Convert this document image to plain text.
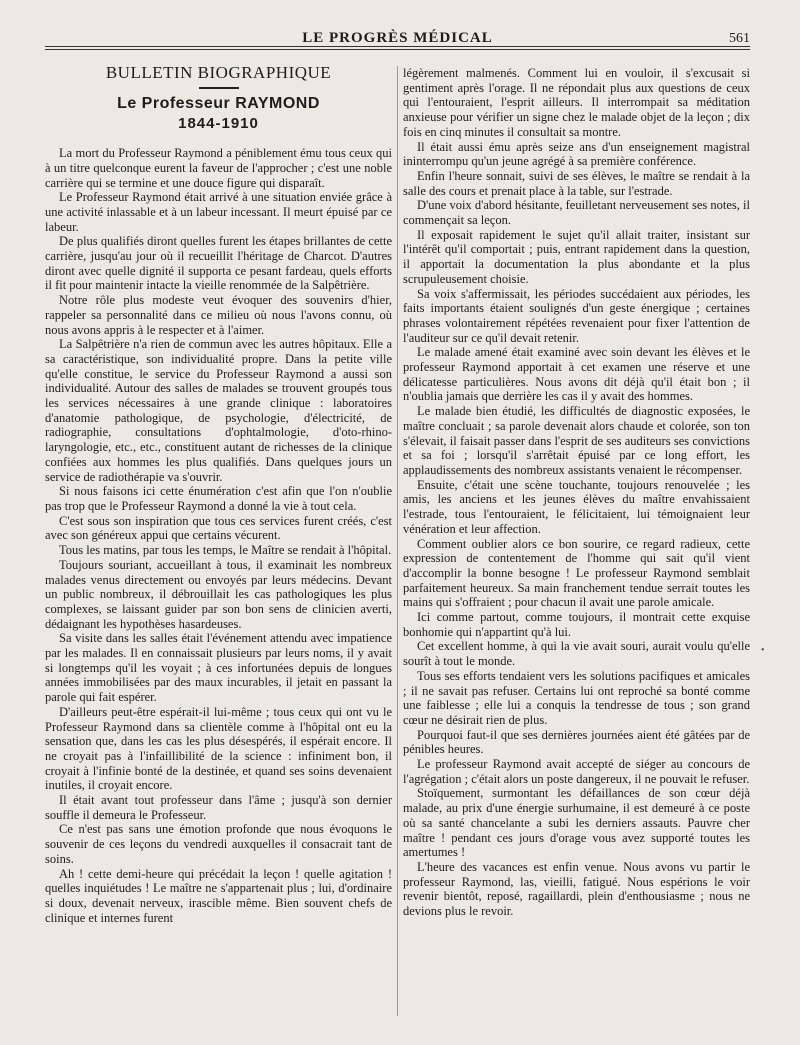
LE PROGRÈS MÉDICAL	561
BULLETIN BIOGRAPHIQUE
Le Professeur RAYMOND
1844-1910

La mort du Professeur Raymond a péniblement ému tous ceux qui à un titre quelconque eurent la faveur de l'approcher ; c'est une noble carrière qui se termine et une douce figure qui disparaît.

Le Professeur Raymond était arrivé à une situation enviée grâce à une activité inlassable et à un labeur incessant. Il meurt épuisé par ce labeur.

De plus qualifiés diront quelles furent les étapes brillantes de cette carrière, jusqu'au jour où il recueillit l'héritage de Charcot. D'autres diront avec quelle dignité il supporta ce pesant fardeau, quels efforts il fit pour maintenir intacte la vieille renommée de la Salpêtrière.

Notre rôle plus modeste veut évoquer des souvenirs d'hier, rappeler sa personnalité dans ce milieu où nous l'avons connu, où nous avons appris à le respecter et à l'aimer.

La Salpêtrière n'a rien de commun avec les autres hôpitaux. Elle a sa caractéristique, son individualité propre. Dans la petite ville qu'elle constitue, le service du Professeur Raymond a aussi son individualité. Autour des salles de malades se trouvent groupés tous les services nécessaires à une grande clinique : laboratoires d'anatomie pathologique, de psychologie, d'électricité, de radiographie, consultations d'ophtalmologie, d'oto-rhino-laryngologie, etc., etc., constituent autant de richesses de la clinique confiées aux hommes les plus qualifiés. Dans quelques jours un service de radiothérapie va s'ouvrir.

Si nous faisons ici cette énumération c'est afin que l'on n'oublie pas trop que le Professeur Raymond a donné la vie à tout cela.

C'est sous son inspiration que tous ces services furent créés, c'est avec son généreux appui que certains vécurent.

Tous les matins, par tous les temps, le Maître se rendait à l'hôpital.

Toujours souriant, accueillant à tous, il examinait les nombreux malades venus directement ou envoyés par leurs médecins. Devant un public nombreux, il débrouillait les cas pathologiques les plus complexes, se laissant guider par son bon sens de clinicien averti, dédaignant les hypothèses hasardeuses.

Sa visite dans les salles était l'événement attendu avec impatience par les malades. Il en connaissait plusieurs par leurs noms, il y avait si longtemps qu'il les voyait ; à ces infortunées depuis de longues années immobilisées par des maux incurables, il jetait en passant la parole qui fait espérer.

D'ailleurs peut-être espérait-il lui-même ; tous ceux qui ont vu le Professeur Raymond dans sa clientèle comme à l'hôpital ont eu la sensation que, dans les cas les plus désespérés, il espérait encore. Il ne croyait pas à l'infaillibilité de la science : infiniment bon, il croyait à l'infinie bonté de la destinée, et quand ses soins devenaient inutiles, il croyait encore.

Il était avant tout professeur dans l'âme ; jusqu'à son dernier souffle il demeura le Professeur.

Ce n'est pas sans une émotion profonde que nous évoquons le souvenir de ces leçons du vendredi auxquelles il consacrait tant de soins.

Ah ! cette demi-heure qui précédait la leçon ! quelle agitation ! quelles inquiétudes ! Le maître ne s'appartenait plus ; lui, d'ordinaire si doux, devenait nerveux, irascible même. Bien souvent chefs de clinique et internes furent

légèrement malmenés. Comment lui en vouloir, il s'excusait si gentiment après l'orage. Il ne répondait plus aux questions de ceux qui l'entouraient, l'esprit ailleurs. Il interrompait sa méditation anxieuse pour vérifier un signe chez le malade objet de la leçon ; dix fois en cinq minutes il consultait sa montre.

Il était aussi ému après seize ans d'un enseignement magistral ininterrompu qu'un jeune agrégé à sa première conférence.

Enfin l'heure sonnait, suivi de ses élèves, le maître se rendait à la salle des cours et prenait place à la table, sur l'estrade.

D'une voix d'abord hésitante, feuilletant nerveusement ses notes, il commençait sa leçon.

Il exposait rapidement le sujet qu'il allait traiter, insistant sur l'intérêt qu'il comportait ; puis, entrant rapidement dans la question, il apportait la documentation la plus abondante et la plus scrupuleusement choisie.

Sa voix s'affermissait, les périodes succédaient aux périodes, les faits importants étaient soulignés d'un geste énergique ; certaines phrases volontairement répétées revenaient pour fixer l'attention de l'auditeur sur ce qu'il devait retenir.

Le malade amené était examiné avec soin devant les élèves et le professeur Raymond apportait à cet examen une réserve et une délicatesse particulières. Nous avons dit déjà qu'il était bon ; il n'oublia jamais que derrière les cas il y avait des hommes.

Le malade bien étudié, les difficultés de diagnostic exposées, le maître concluait ; sa parole devenait alors chaude et colorée, son ton s'élevait, il faisait passer dans l'esprit de ses auditeurs ses convictions et sa foi ; lorsqu'il s'arrêtait épuisé par ce long effort, les applaudissements des nombreux assistants venaient le récompenser.

Ensuite, c'était une scène touchante, toujours renouvelée ; les amis, les anciens et les jeunes élèves du maître envahissaient l'estrade, tous l'entouraient, le félicitaient, lui témoignaient leur vénération et leur affection.

Comment oublier alors ce bon sourire, ce regard radieux, cette expression de contentement de l'homme qui sait qu'il vient d'accomplir la bonne besogne ! Le professeur Raymond semblait parfaitement heureux. Sa main franchement tendue serrait toutes les mains qui s'offraient ; pour chacun il avait une parole amicale.

Ici comme partout, comme toujours, il montrait cette exquise bonhomie qui n'appartint qu'à lui.

Cet excellent homme, à qui la vie avait souri, aurait voulu qu'elle sourît à tout le monde.

Tous ses efforts tendaient vers les solutions pacifiques et amicales ; il ne savait pas refuser. Certains lui ont reproché sa bonté comme une faiblesse ; elle lui a conquis la tendresse de tous ; son grand cœur ne désirait rien de plus.

Pourquoi faut-il que ses dernières journées aient été gâtées par de pénibles heures.

Le professeur Raymond avait accepté de siéger au concours de l'agrégation ; c'était alors un poste dangereux, il ne pouvait le refuser.

Stoïquement, surmontant les défaillances de son cœur déjà malade, au prix d'une énergie surhumaine, il est demeuré à ce poste où sa santé chancelante a subi les derniers assauts. Pauvre cher maître ! pendant ces jours d'orage vous avez supporté toutes les amertumes !

L'heure des vacances est enfin venue. Nous avons vu partir le professeur Raymond, las, vieilli, fatigué. Nous espérions le voir revenir bientôt, reposé, ragaillardi, plein d'enthousiasme ; nous ne devions plus le revoir.

•
